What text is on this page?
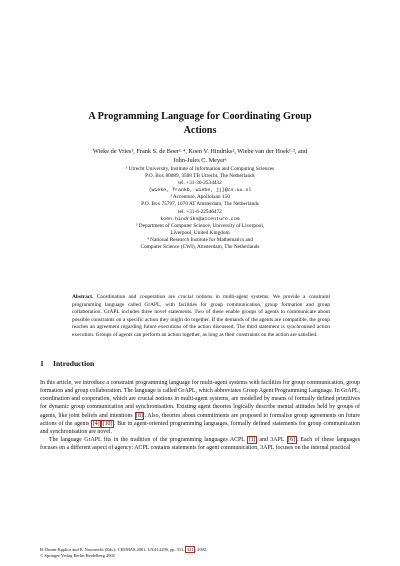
A Programming Language for Coordinating Group
Actions
Wieke de Vries¹, Frank S. de Boer¹·⁴, Koen V. Hindriks², Wiebe van der Hoek¹·³, and
John-Jules C. Meyer¹
¹ Utrecht University, Institute of Information and Computing Sciences
P.O. Box 80089, 3508 TB Utrecht, The Netherlands
tel. +31-30-2534432
{wieke, frankb, wiebe, jj}@cs.uu.nl
² Accenture, Apollolaan 150
P.O. Box 75797, 1070 AT Amsterdam, The Netherlands
tel. +31-6-22546472
koen.hindriks@accenture.com
³ Department of Computer Science, University of Liverpool,
Liverpool, United Kingdom
⁴ National Research Institute for Mathematics and
Computer Science (CWI), Amsterdam, The Netherlands
Abstract. Coordination and cooperation are crucial notions in multi-agent systems. We provide a constraint programming language called GrAPL, with facilities for group communication, group formation and group collaboration. GrAPL includes three novel statements. Two of these enable groups of agents to communicate about possible constraints on a specific action they might do together. If the demands of the agents are compatible, the group reaches an agreement regarding future executions of the action discussed. The third statement is synchronised action execution. Groups of agents can perform an action together, as long as their constraints on the action are satisfied.
1 Introduction

In this article, we introduce a constraint programming language for multi-agent systems with facilities for group communication, group formation and group collaboration. The language is called GrAPL, which abbreviates Group Agent Programming Language. In GrAPL, coordination and cooperation, which are crucial notions in multi-agent systems, are modelled by means of formally defined primitives for dynamic group communication and synchronisation. Existing agent theories logically describe mental attitudes held by groups of agents, like joint beliefs and intentions [8] . Also, theories about commitments are proposed to formalise group agreements on future actions of the agents [4] [10] . But in agent-oriented programming languages, formally defined statements for group communication and synchronisation are novel.

The language GrAPL fits in the tradition of the programming languages ACPL [1] and 3APL [6] . Each of these languages focuses on a different aspect of agency: ACPL contains statements for agent communication, 3APL focuses on the internal practical

B. Dunin-Kęplicz and E. Nawarecki (Eds.): CEEMAS 2001, LNAI 2296, pp. 313– 321 , 2002.
© Springer-Verlag Berlin Heidelberg 2002
